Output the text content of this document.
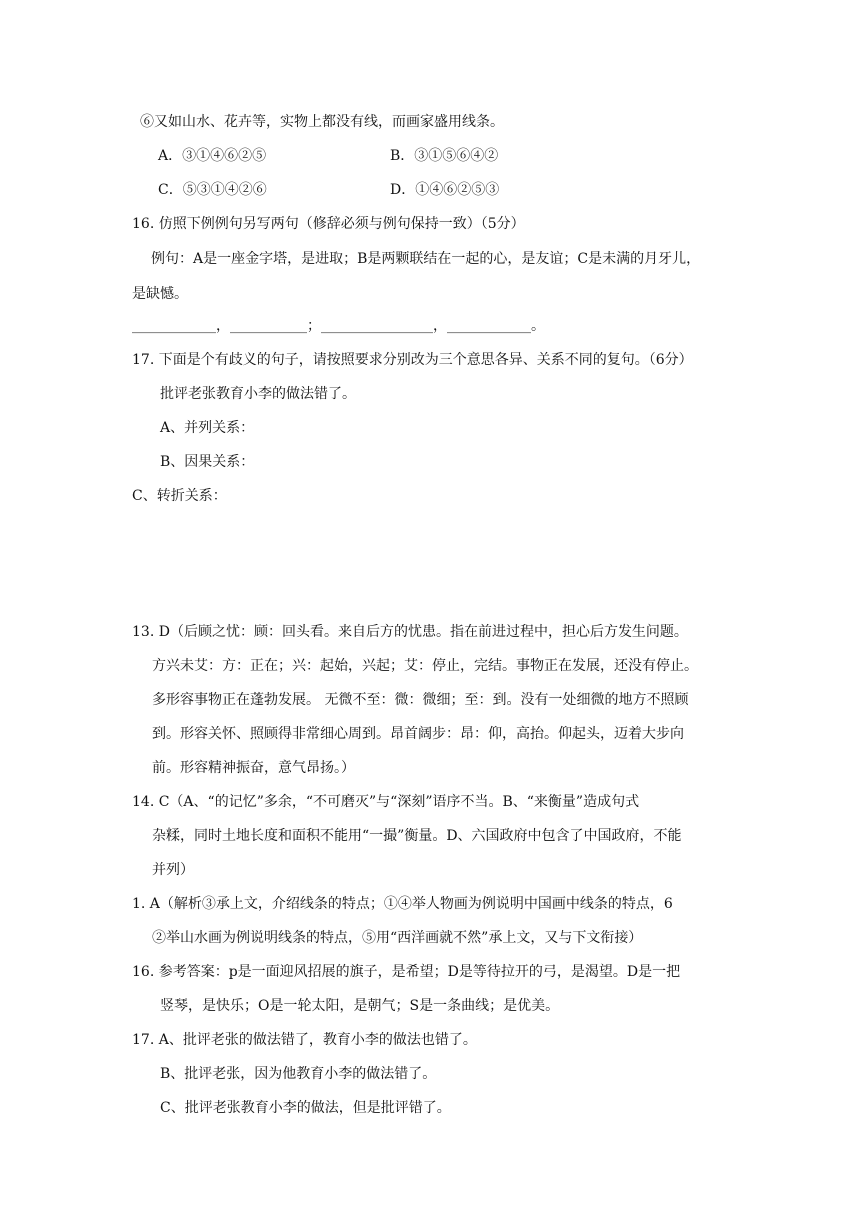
⑥又如山水、花卉等，实物上都没有线，而画家盛用线条。
A．③①④⑥②⑤	B．③①⑤⑥④②
C．⑤③①④②⑥	D．①④⑥②⑤③
16. 仿照下例例句另写两句（修辞必须与例句保持一致）（5分）
例句：A是一座金字塔，是进取；B是两颗联结在一起的心，是友谊；C是未满的月牙儿，
是缺憾。
____________，___________；________________，____________。
17. 下面是个有歧义的句子，请按照要求分别改为三个意思各异、关系不同的复句。（6分）
批评老张教育小李的做法错了。
A、并列关系：
B、因果关系：
C、转折关系：
13. D（后顾之忧：顾：回头看。来自后方的忧患。指在前进过程中，担心后方发生问题。
方兴未艾：方：正在；兴：起始，兴起；艾：停止，完结。事物正在发展，还没有停止。
多形容事物正在蓬勃发展。 无微不至：微：微细；至：到。没有一处细微的地方不照顾
到。形容关怀、照顾得非常细心周到。昂首阔步：昂：仰，高抬。仰起头，迈着大步向
前。形容精神振奋，意气昂扬。）
14. C（A、“的记忆”多余，“不可磨灭”与“深刻”语序不当。B、“来衡量”造成句式
杂糅，同时土地长度和面积不能用“一撮”衡量。D、六国政府中包含了中国政府，不能
并列）
1. A（解析③承上文，介绍线条的特点；①④举人物画为例说明中国画中线条的特点，6
②举山水画为例说明线条的特点，⑤用“西洋画就不然”承上文，又与下文衔接）
16. 参考答案：p是一面迎风招展的旗子，是希望；D是等待拉开的弓，是渴望。D是一把
竖琴，是快乐；O是一轮太阳，是朝气；S是一条曲线；是优美。
17. A、批评老张的做法错了，教育小李的做法也错了。
B、批评老张，因为他教育小李的做法错了。
C、批评老张教育小李的做法，但是批评错了。
